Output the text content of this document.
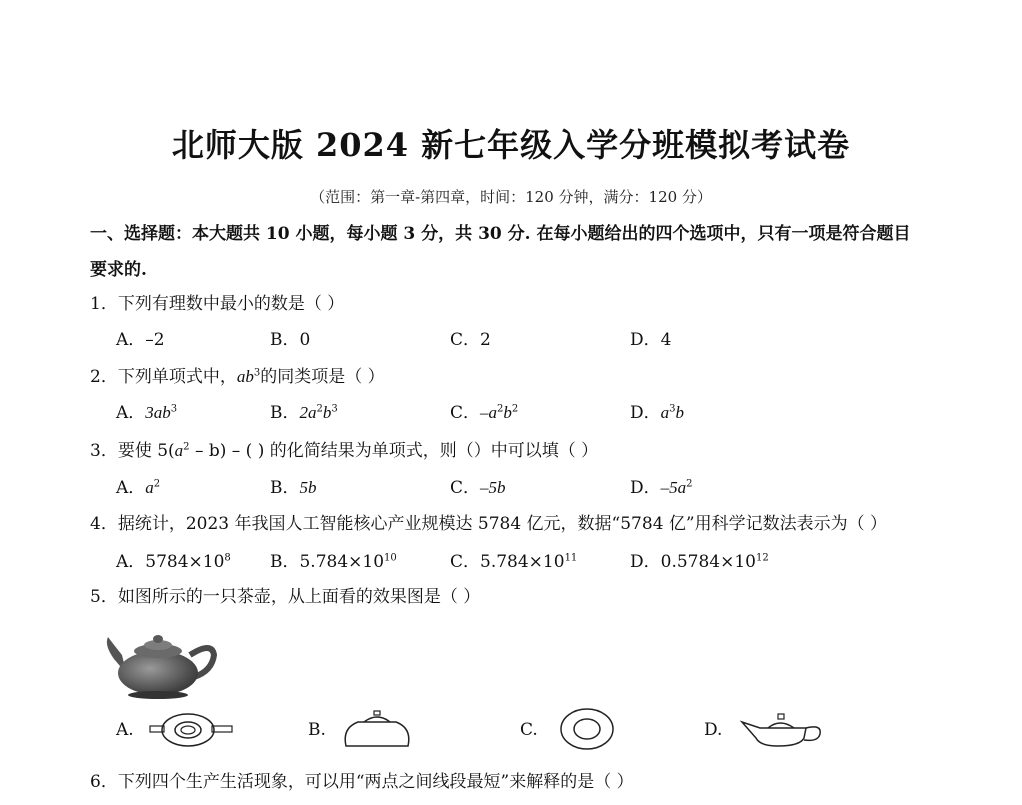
北师大版 2024 新七年级入学分班模拟考试卷
（范围：第一章-第四章，时间：120 分钟，满分：120 分）
一、选择题：本大题共 10 小题，每小题 3 分，共 30 分. 在每小题给出的四个选项中，只有一项是符合题目
要求的.
1．下列有理数中最小的数是（ ）
A．–2	B．0	C．2	D．4
2．下列单项式中，$ab^3$的同类项是（ ）
A．$3ab^3$	B．$2a^2b^3$	C．$-a^2b^2$	D．$a^3b$
3．要使 $5(a^2 - b)$ – ( ) 的化简结果为单项式，则（）中可以填（ ）
A．$a^2$	B．5b	C．–5b	D．$-5a^2$
4．据统计，2023 年我国人工智能核心产业规模达 5784 亿元，数据“5784 亿”用科学记数法表示为（ ）
A．$5784\times 10^8$ B．$5.784\times 10^{10}$	C．$5.784\times 10^{11}$	D．$0.5784\times 10^{12}$
5．如图所示的一只茶壶，从上面看的效果图是（ ）
A.	B.	C.	D.
6．下列四个生产生活现象，可以用“两点之间线段最短”来解释的是（ ）
